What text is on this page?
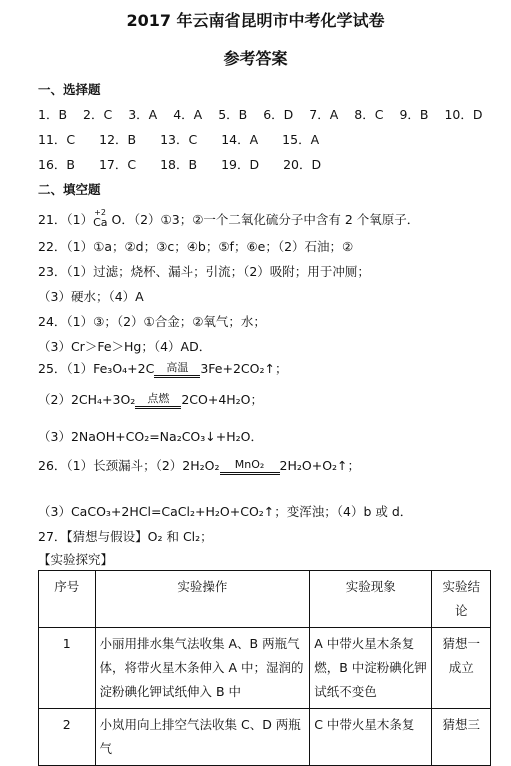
2017 年云南省昆明市中考化学试卷
参考答案
一、选择题
1．B 2．C 3．A 4．A 5．B 6．D 7．A 8．C 9．B 10．D
11．C 12．B 13．C 14．A 15．A
16．B 17．C 18．B 19．D 20．D
二、填空题
21．（1） +2
Ca O．（2）①3；②一个二氧化硫分子中含有 2 个氧原子．
22．（1）①a；②d；③c；④b；⑤f；⑥e；（2）石油；②
23．（1）过滤；烧杯、漏斗；引流；（2）吸附；用于冲厕；
（3）硬水；（4）A
24．（1）③；（2）①合金；②氧气；水；
（3）Cr＞Fe＞Hg；（4）AD．
25．（1）Fe₃O₄+2C	高温 3Fe+2CO₂↑；
（2）2CH₄+3O₂	点燃 2CO+4H₂O；
（3）2NaOH+CO₂=Na₂CO₃↓+H₂O．
26．（1）长颈漏斗；（2）2H₂O₂	MnO₂	2H₂O+O₂↑；
（3）CaCO₃+2HCl=CaCl₂+H₂O+CO₂↑；变浑浊；（4）b 或 d．
27．【猜想与假设】O₂ 和 Cl₂；
【实验探究】
序号	实验操作	实验现象	实验结论
1	小丽用排水集气法收集 A、B 两瓶气体，将带火星木条伸入 A 中；湿润的淀粉碘化钾试纸伸入 B 中	A 中带火星木条复燃，B 中淀粉碘化钾试纸不变色	猜想一成立
2	小岚用向上排空气法收集 C、D 两瓶气	C 中带火星木条复	猜想三
